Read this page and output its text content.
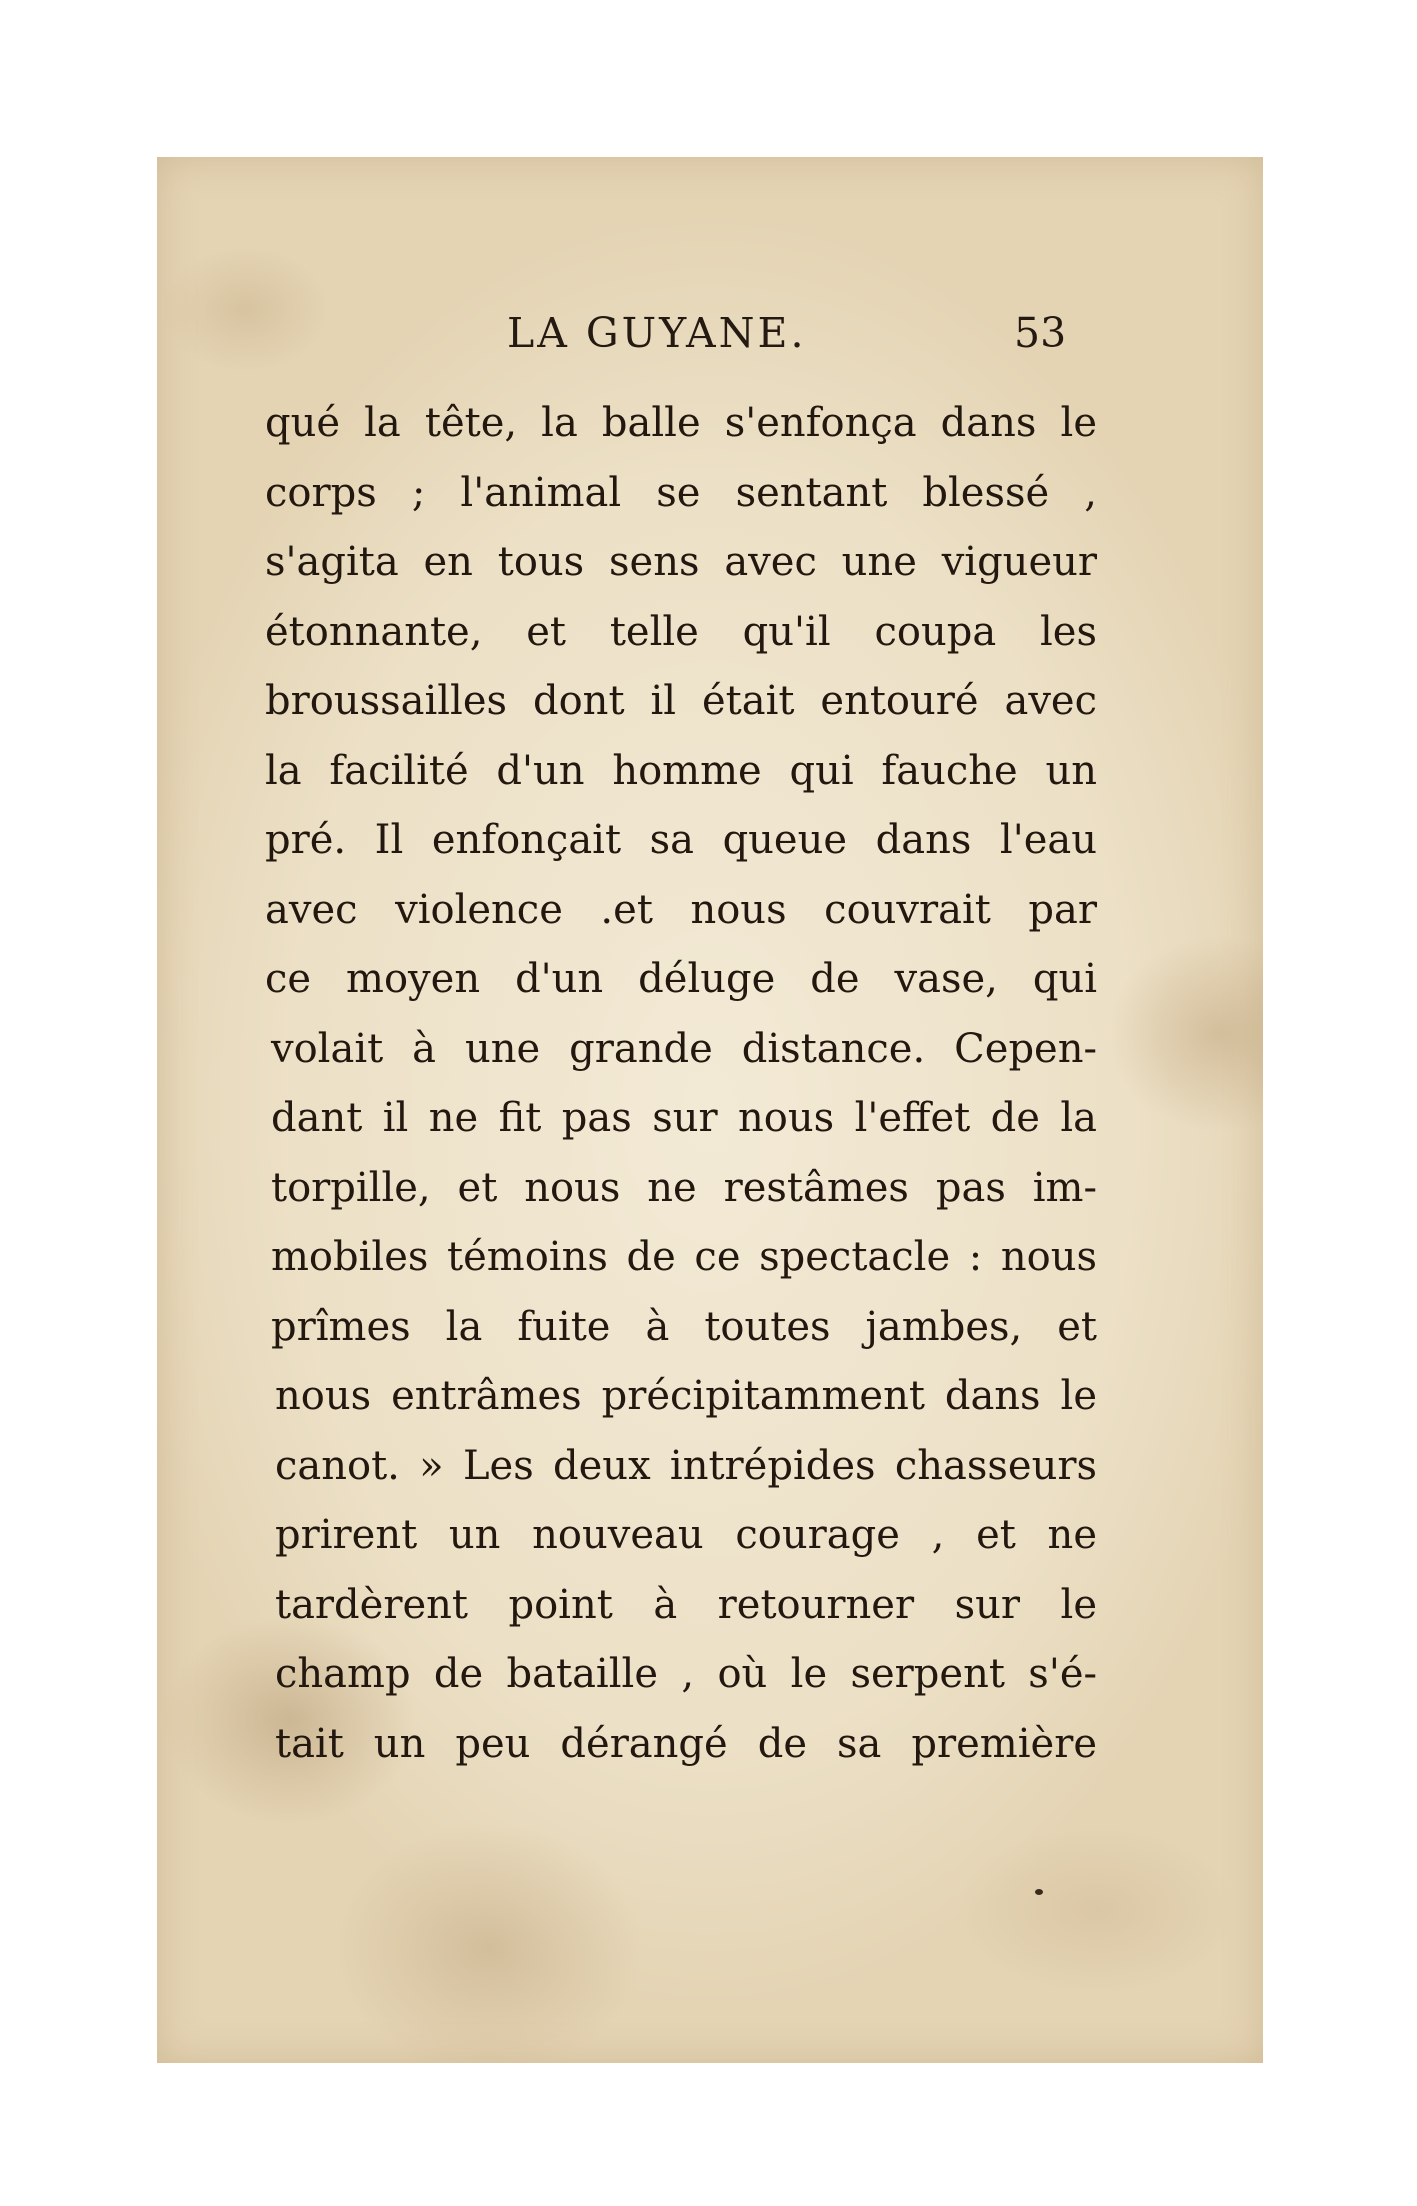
LA GUYANE.	53
qué la tête, la balle s'enfonça dans le
corps ; l'animal se sentant blessé ,
s'agita en tous sens avec une vigueur
étonnante, et telle qu'il coupa les
broussailles dont il était entouré avec
la facilité d'un homme qui fauche un
pré. Il enfonçait sa queue dans l'eau
avec violence .et nous couvrait par
ce moyen d'un déluge de vase, qui
volait à une grande distance. Cepen-
dant il ne fit pas sur nous l'effet de la
torpille, et nous ne restâmes pas im-
mobiles témoins de ce spectacle : nous
prîmes la fuite à toutes jambes, et
nous entrâmes précipitamment dans le
canot. » Les deux intrépides chasseurs
prirent un nouveau courage , et ne
tardèrent point à retourner sur le
champ de bataille , où le serpent s'é-
tait un peu dérangé de sa première
